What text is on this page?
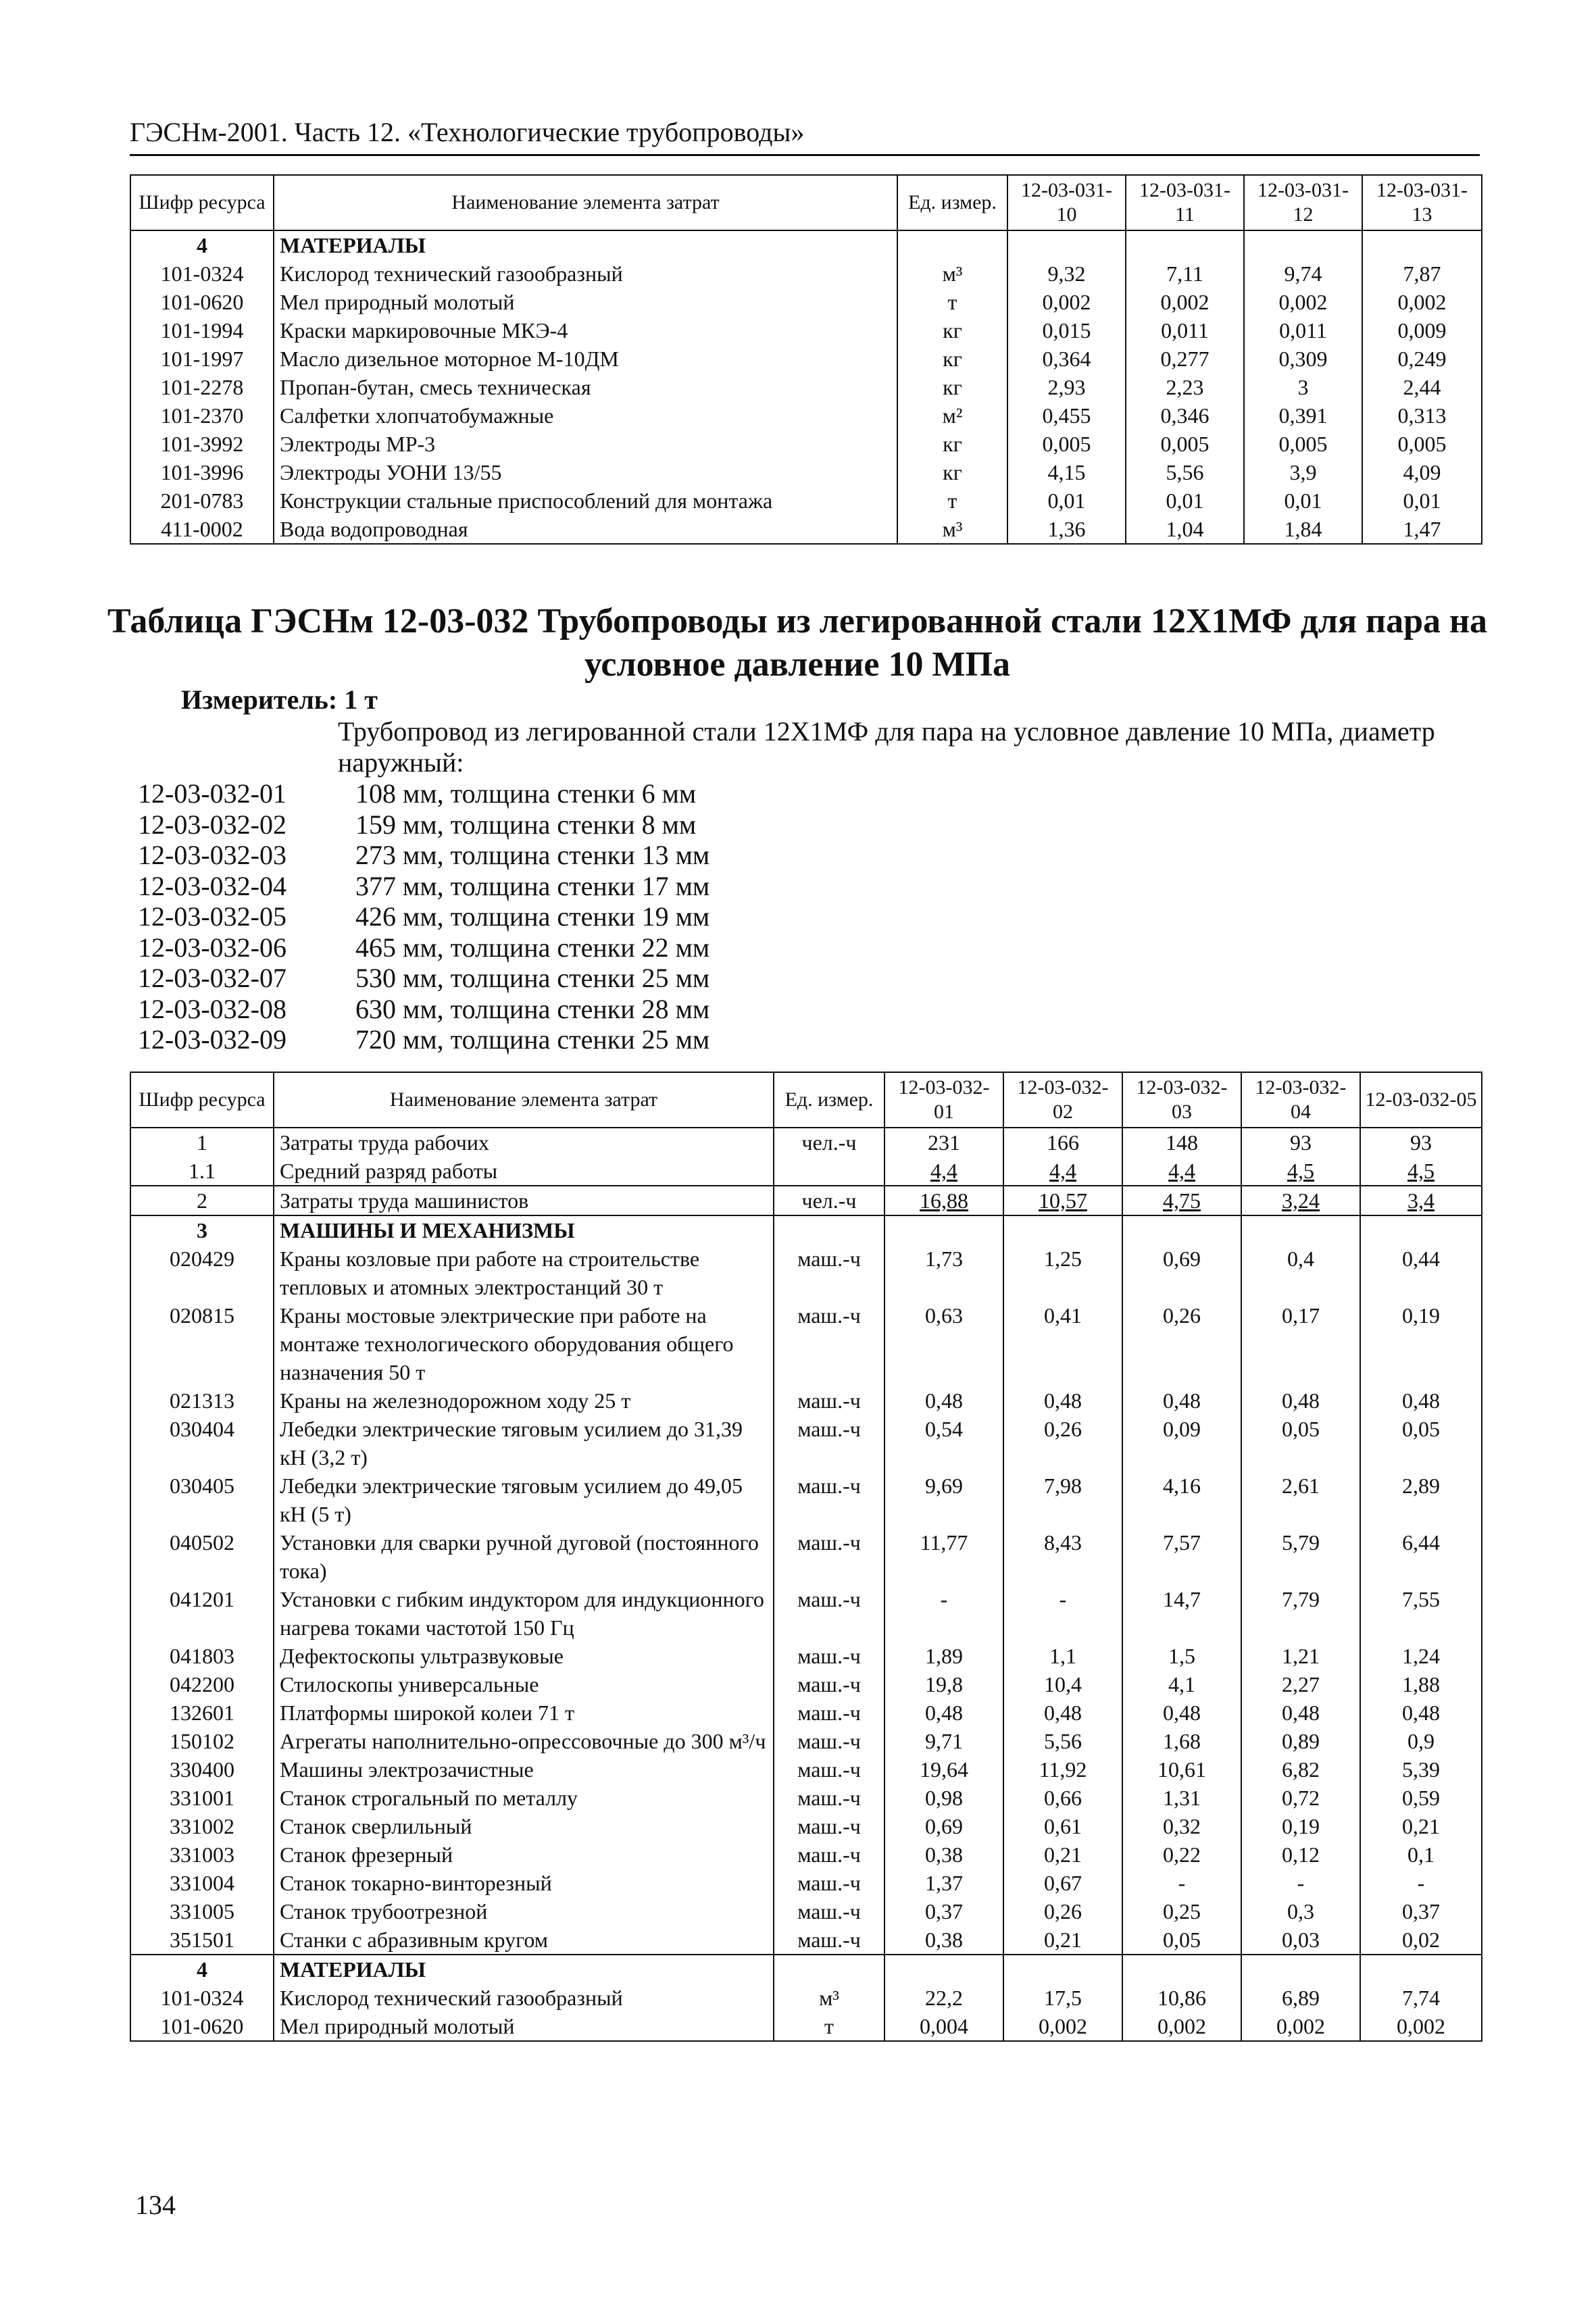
ГЭСНм-2001. Часть 12. «Технологические трубопроводы»
Шифр ресурса	Наименование элемента затрат	Ед. измер.	12-03-031-10	12-03-031-11	12-03-031-12	12-03-031-13
4	МАТЕРИАЛЫ					
101-0324	Кислород технический газообразный	м³	9,32	7,11	9,74	7,87
101-0620	Мел природный молотый	т	0,002	0,002	0,002	0,002
101-1994	Краски маркировочные МКЭ-4	кг	0,015	0,011	0,011	0,009
101-1997	Масло дизельное моторное М-10ДМ	кг	0,364	0,277	0,309	0,249
101-2278	Пропан-бутан, смесь техническая	кг	2,93	2,23	3	2,44
101-2370	Салфетки хлопчатобумажные	м²	0,455	0,346	0,391	0,313
101-3992	Электроды МР-3	кг	0,005	0,005	0,005	0,005
101-3996	Электроды УОНИ 13/55	кг	4,15	5,56	3,9	4,09
201-0783	Конструкции стальные приспособлений для монтажа	т	0,01	0,01	0,01	0,01
411-0002	Вода водопроводная	м³	1,36	1,04	1,84	1,47
Таблица ГЭСНм 12-03-032 Трубопроводы из легированной стали 12Х1МФ для пара на
условное давление 10 МПа
Измеритель: 1 т
Трубопровод из легированной стали 12Х1МФ для пара на условное давление 10 МПа, диаметр наружный:
12-03-032-01	108 мм, толщина стенки 6 мм
12-03-032-02	159 мм, толщина стенки 8 мм
12-03-032-03	273 мм, толщина стенки 13 мм
12-03-032-04	377 мм, толщина стенки 17 мм
12-03-032-05	426 мм, толщина стенки 19 мм
12-03-032-06	465 мм, толщина стенки 22 мм
12-03-032-07	530 мм, толщина стенки 25 мм
12-03-032-08	630 мм, толщина стенки 28 мм
12-03-032-09	720 мм, толщина стенки 25 мм
Шифр ресурса	Наименование элемента затрат	Ед. измер.	12-03-032-01	12-03-032-02	12-03-032-03	12-03-032-04	12-03-032-05
1	Затраты труда рабочих	чел.-ч	231	166	148	93	93
1.1	Средний разряд работы		4,4	4,4	4,4	4,5	4,5
2	Затраты труда машинистов	чел.-ч	16,88	10,57	4,75	3,24	3,4
3	МАШИНЫ И МЕХАНИЗМЫ						
020429	Краны козловые при работе на строительстве тепловых и атомных электростанций 30 т	маш.-ч	1,73	1,25	0,69	0,4	0,44
020815	Краны мостовые электрические при работе на монтаже технологического оборудования общего назначения 50 т	маш.-ч	0,63	0,41	0,26	0,17	0,19
021313	Краны на железнодорожном ходу 25 т	маш.-ч	0,48	0,48	0,48	0,48	0,48
030404	Лебедки электрические тяговым усилием до 31,39 кН (3,2 т)	маш.-ч	0,54	0,26	0,09	0,05	0,05
030405	Лебедки электрические тяговым усилием до 49,05 кН (5 т)	маш.-ч	9,69	7,98	4,16	2,61	2,89
040502	Установки для сварки ручной дуговой (постоянного тока)	маш.-ч	11,77	8,43	7,57	5,79	6,44
041201	Установки с гибким индуктором для индукционного нагрева токами частотой 150 Гц	маш.-ч	-	-	14,7	7,79	7,55
041803	Дефектоскопы ультразвуковые	маш.-ч	1,89	1,1	1,5	1,21	1,24
042200	Стилоскопы универсальные	маш.-ч	19,8	10,4	4,1	2,27	1,88
132601	Платформы широкой колеи 71 т	маш.-ч	0,48	0,48	0,48	0,48	0,48
150102	Агрегаты наполнительно-опрессовочные до 300 м³/ч	маш.-ч	9,71	5,56	1,68	0,89	0,9
330400	Машины электрозачистные	маш.-ч	19,64	11,92	10,61	6,82	5,39
331001	Станок строгальный по металлу	маш.-ч	0,98	0,66	1,31	0,72	0,59
331002	Станок сверлильный	маш.-ч	0,69	0,61	0,32	0,19	0,21
331003	Станок фрезерный	маш.-ч	0,38	0,21	0,22	0,12	0,1
331004	Станок токарно-винторезный	маш.-ч	1,37	0,67	-	-	-
331005	Станок трубоотрезной	маш.-ч	0,37	0,26	0,25	0,3	0,37
351501	Станки с абразивным кругом	маш.-ч	0,38	0,21	0,05	0,03	0,02
4	МАТЕРИАЛЫ						
101-0324	Кислород технический газообразный	м³	22,2	17,5	10,86	6,89	7,74
101-0620	Мел природный молотый	т	0,004	0,002	0,002	0,002	0,002
134
